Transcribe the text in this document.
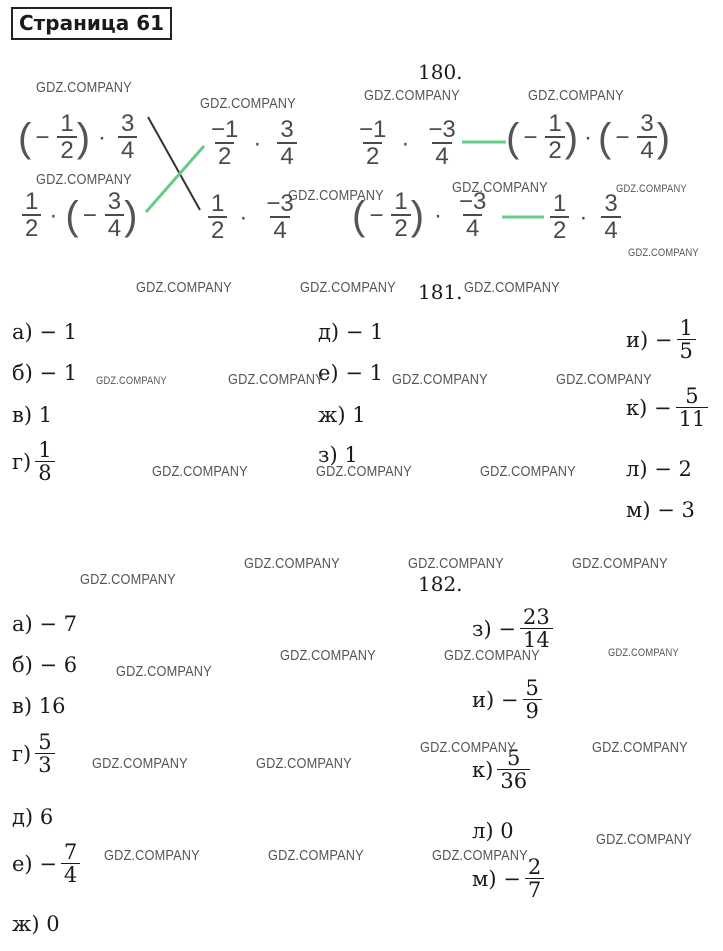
Страница 61
180.
( − $\frac{1}{2}$ ) · $\frac{3}{4}$	$\frac{-1}{2} \cdot \frac{3}{4}$
$\frac{1}{2}$ · ( − $\frac{3}{4}$ )	$\frac{1}{2} \cdot \frac{-3}{4}$
$\frac{-1}{2} \cdot \frac{-3}{4}$ ( − $\frac{1}{2}$ ) · ( − $\frac{3}{4}$ )
( − $\frac{1}{2}$ ) · $\frac{-3}{4}$	$\frac{1}{2} \cdot \frac{3}{4}$
181.
а)
− 1
б)
− 1
в)
1
$г) \frac{1}{8}$
д)
− 1
е)
− 1
ж)
1
з)
1
и)
− $\frac{1}{5}$
к)
− $\frac{5}{11}$
л)
− 2
м)
− 3
182.
а)
− 7
б)
− 6
в)
16
$г) \frac{5}{3}$
д)
6
е)
− $\frac{7}{4}$
ж)
0
з)
− $\frac{23}{14}$
и)
− $\frac{5}{9}$
$к) \frac{5}{36}$
л)
0
м)
− $\frac{2}{7}$
GDZ.COMPANY
GDZ.COMPANY	GDZ.COMPANY	GDZ.COMPANY
GDZ.COMPANY
GDZ.COMPANY	GDZ.COMPANY	GDZ.COMPANY
GDZ.COMPANY
GDZ.COMPANY	GDZ.COMPANY	GDZ.COMPANY
GDZ.COMPANY	GDZ.COMPANY	GDZ.COMPANY	GDZ.COMPANY
GDZ.COMPANY	GDZ.COMPANY	GDZ.COMPANY
GDZ.COMPANY
GDZ.COMPANY	GDZ.COMPANY	GDZ.COMPANY
GDZ.COMPANY
GDZ.COMPANY	GDZ.COMPANY	GDZ.COMPANY
GDZ.COMPANY	GDZ.COMPANY
GDZ.COMPANY	GDZ.COMPANY
GDZ.COMPANY
GDZ.COMPANY	GDZ.COMPANY	GDZ.COMPANY
